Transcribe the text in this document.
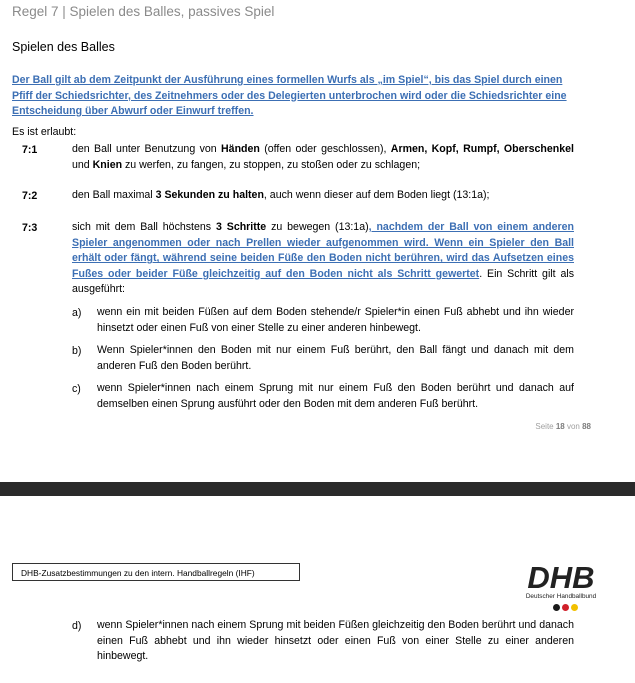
Regel 7 | Spielen des Balles, passives Spiel
Spielen des Balles
Der Ball gilt ab dem Zeitpunkt der Ausführung eines formellen Wurfs als „im Spiel“, bis das Spiel durch einen Pfiff der Schiedsrichter, des Zeitnehmers oder des Delegierten unterbrochen wird oder die Schiedsrichter eine Entscheidung über Abwurf oder Einwurf treffen.
Es ist erlaubt:
7:1	den Ball unter Benutzung von Händen (offen oder geschlossen), Armen, Kopf, Rumpf, Oberschenkel und Knien zu werfen, zu fangen, zu stoppen, zu stoßen oder zu schlagen;
7:2	den Ball maximal 3 Sekunden zu halten, auch wenn dieser auf dem Boden liegt (13:1a);
7:3	sich mit dem Ball höchstens 3 Schritte zu bewegen (13:1a), nachdem der Ball von einem anderen Spieler angenommen oder nach Prellen wieder aufgenommen wird. Wenn ein Spieler den Ball erhält oder fängt, während seine beiden Füße den Boden nicht berühren, wird das Aufsetzen eines Fußes oder beider Füße gleichzeitig auf den Boden nicht als Schritt gewertet. Ein Schritt gilt als ausgeführt:
a) wenn ein mit beiden Füßen auf dem Boden stehende/r Spieler*in einen Fuß abhebt und ihn wieder hinsetzt oder einen Fuß von einer Stelle zu einer anderen hinbewegt.
b) Wenn Spieler*innen den Boden mit nur einem Fuß berührt, den Ball fängt und danach mit dem anderen Fuß den Boden berührt.
c) wenn Spieler*innen nach einem Sprung mit nur einem Fuß den Boden berührt und danach auf demselben einen Sprung ausführt oder den Boden mit dem anderen Fuß berührt.
Seite 18 von 88
DHB-Zusatzbestimmungen zu den intern. Handballregeln (IHF)	DHB
Deutscher Handballbund
d) wenn Spieler*innen nach einem Sprung mit beiden Füßen gleichzeitig den Boden berührt und danach einen Fuß abhebt und ihn wieder hinsetzt oder einen Fuß von einer Stelle zu einer anderen hinbewegt.
